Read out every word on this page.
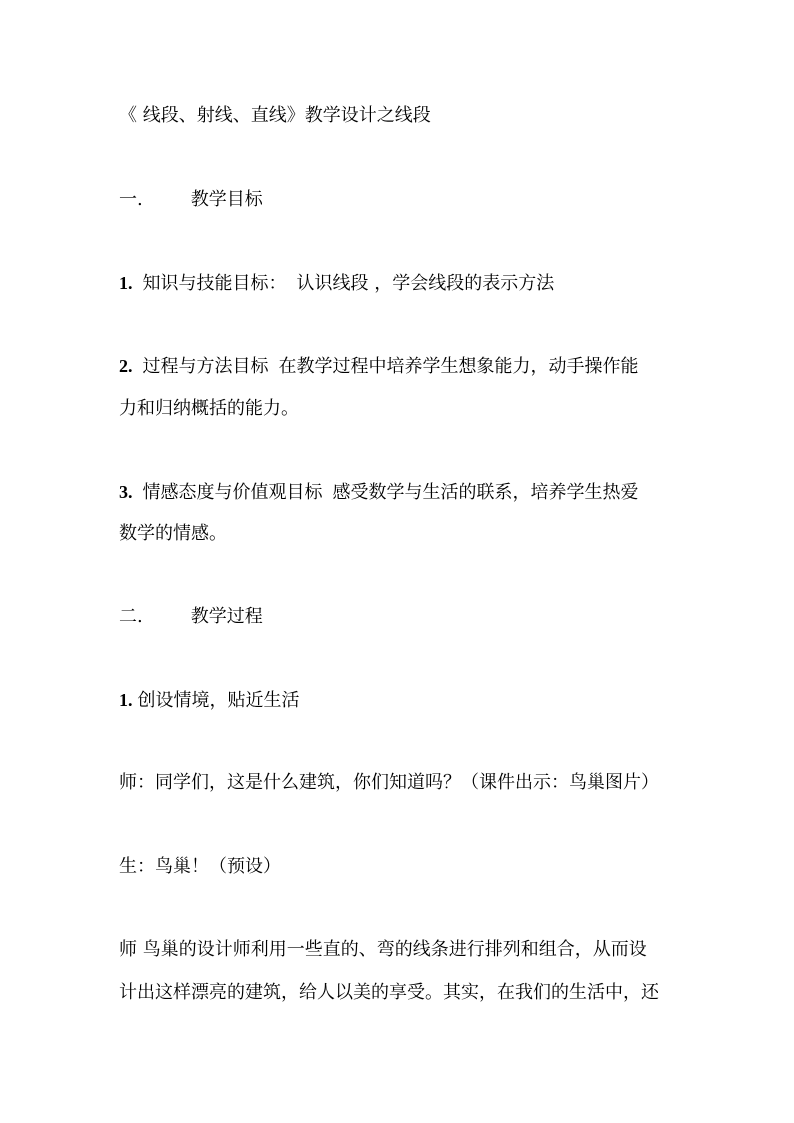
《 线段、射线、直线》教学设计之线段
一.	教学目标
1. 知识与技能目标： 认识线段 ，学会线段的表示方法
2. 过程与方法目标 在教学过程中培养学生想象能力，动手操作能
力和归纳概括的能力。
3. 情感态度与价值观目标 感受数学与生活的联系，培养学生热爱
数学的情感。
二.	教学过程
1. 创设情境，贴近生活
师：同学们，这是什么建筑，你们知道吗？（课件出示：鸟巢图片）
生：鸟巢！（预设）
师 鸟巢的设计师利用一些直的、弯的线条进行排列和组合，从而设
计出这样漂亮的建筑，给人以美的享受。其实，在我们的生活中，还
